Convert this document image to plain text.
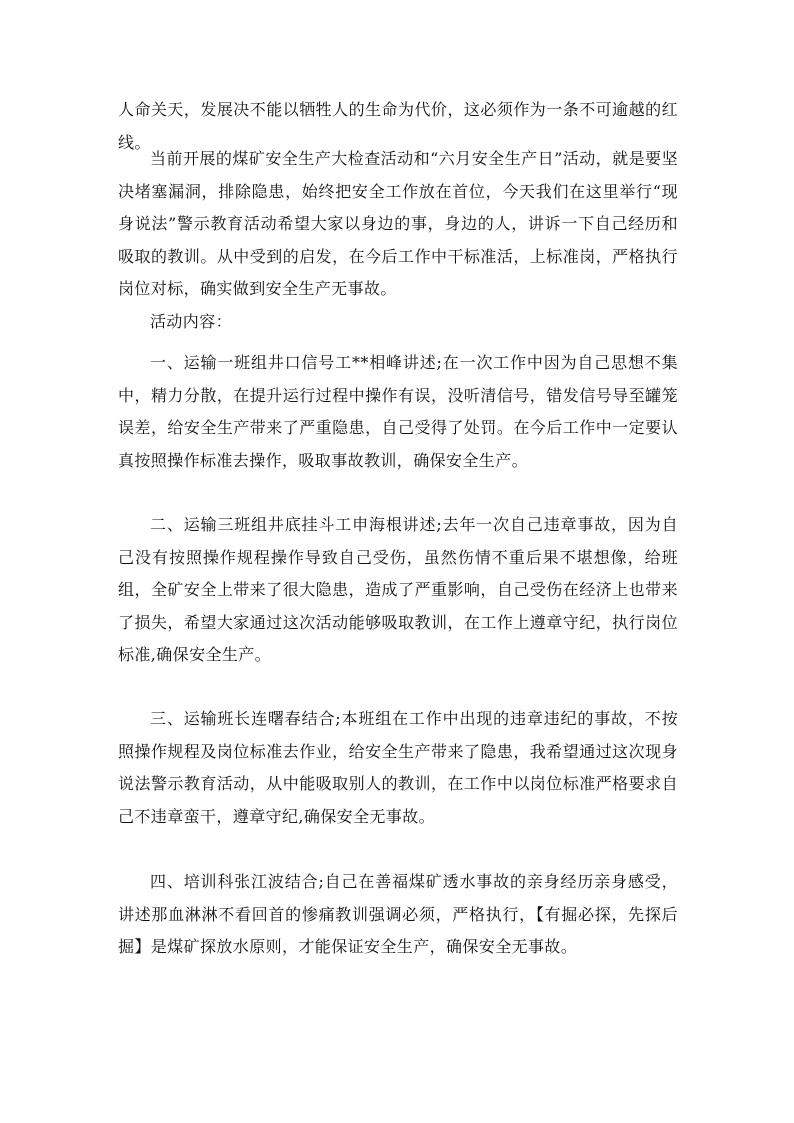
人命关天，发展决不能以牺牲人的生命为代价，这必须作为一条不可逾越的红线。

当前开展的煤矿安全生产大检查活动和“六月安全生产日”活动，就是要坚决堵塞漏洞，排除隐患，始终把安全工作放在首位，今天我们在这里举行“现身说法”警示教育活动希望大家以身边的事，身边的人，讲诉一下自己经历和吸取的教训。从中受到的启发，在今后工作中干标准活，上标准岗，严格执行岗位对标，确实做到安全生产无事故。

活动内容：

一、运输一班组井口信号工**相峰讲述;在一次工作中因为自己思想不集中，精力分散，在提升运行过程中操作有误，没听清信号，错发信号导至罐笼误差，给安全生产带来了严重隐患，自己受得了处罚。在今后工作中一定要认真按照操作标准去操作，吸取事故教训，确保安全生产。

二、运输三班组井底挂斗工申海根讲述;去年一次自己违章事故，因为自己没有按照操作规程操作导致自己受伤，虽然伤情不重后果不堪想像，给班组，全矿安全上带来了很大隐患，造成了严重影响，自己受伤在经济上也带来了损失，希望大家通过这次活动能够吸取教训，在工作上遵章守纪，执行岗位标准,确保安全生产。

三、运输班长连曙春结合;本班组在工作中出现的违章违纪的事故，不按照操作规程及岗位标准去作业，给安全生产带来了隐患，我希望通过这次现身说法警示教育活动，从中能吸取别人的教训，在工作中以岗位标准严格要求自己不违章蛮干，遵章守纪,确保安全无事故。

四、培训科张江波结合;自己在善福煤矿透水事故的亲身经历亲身感受，讲述那血淋淋不看回首的惨痛教训强调必须，严格执行，【有掘必探，先探后掘】是煤矿探放水原则，才能保证安全生产，确保安全无事故。
